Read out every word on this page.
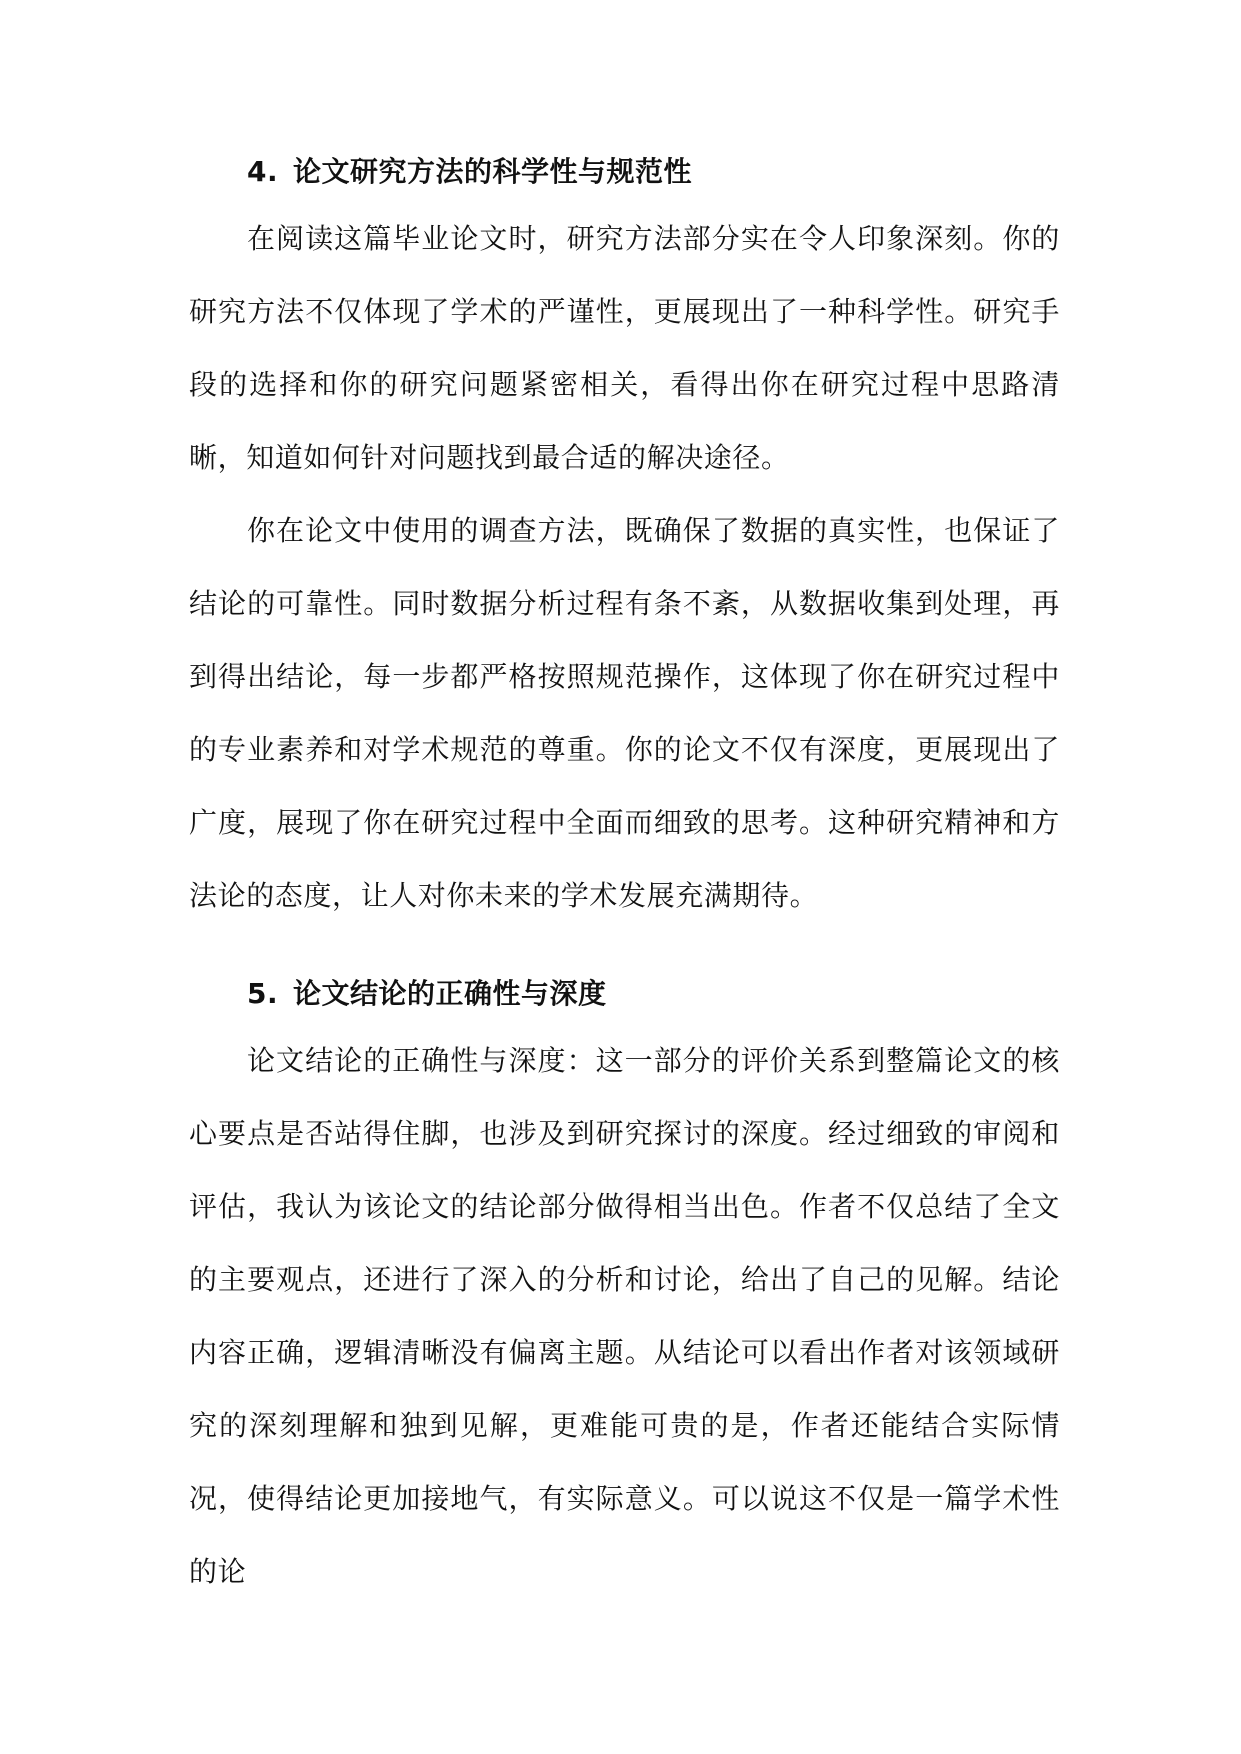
4. 论文研究方法的科学性与规范性

在阅读这篇毕业论文时，研究方法部分实在令人印象深刻。你的研究方法不仅体现了学术的严谨性，更展现出了一种科学性。研究手段的选择和你的研究问题紧密相关，看得出你在研究过程中思路清晰，知道如何针对问题找到最合适的解决途径。

你在论文中使用的调查方法，既确保了数据的真实性，也保证了结论的可靠性。同时数据分析过程有条不紊，从数据收集到处理，再到得出结论，每一步都严格按照规范操作，这体现了你在研究过程中的专业素养和对学术规范的尊重。你的论文不仅有深度，更展现出了广度，展现了你在研究过程中全面而细致的思考。这种研究精神和方法论的态度，让人对你未来的学术发展充满期待。

5. 论文结论的正确性与深度

论文结论的正确性与深度：这一部分的评价关系到整篇论文的核心要点是否站得住脚，也涉及到研究探讨的深度。经过细致的审阅和评估，我认为该论文的结论部分做得相当出色。作者不仅总结了全文的主要观点，还进行了深入的分析和讨论，给出了自己的见解。结论内容正确，逻辑清晰没有偏离主题。从结论可以看出作者对该领域研究的深刻理解和独到见解，更难能可贵的是，作者还能结合实际情况，使得结论更加接地气，有实际意义。可以说这不仅是一篇学术性的论
